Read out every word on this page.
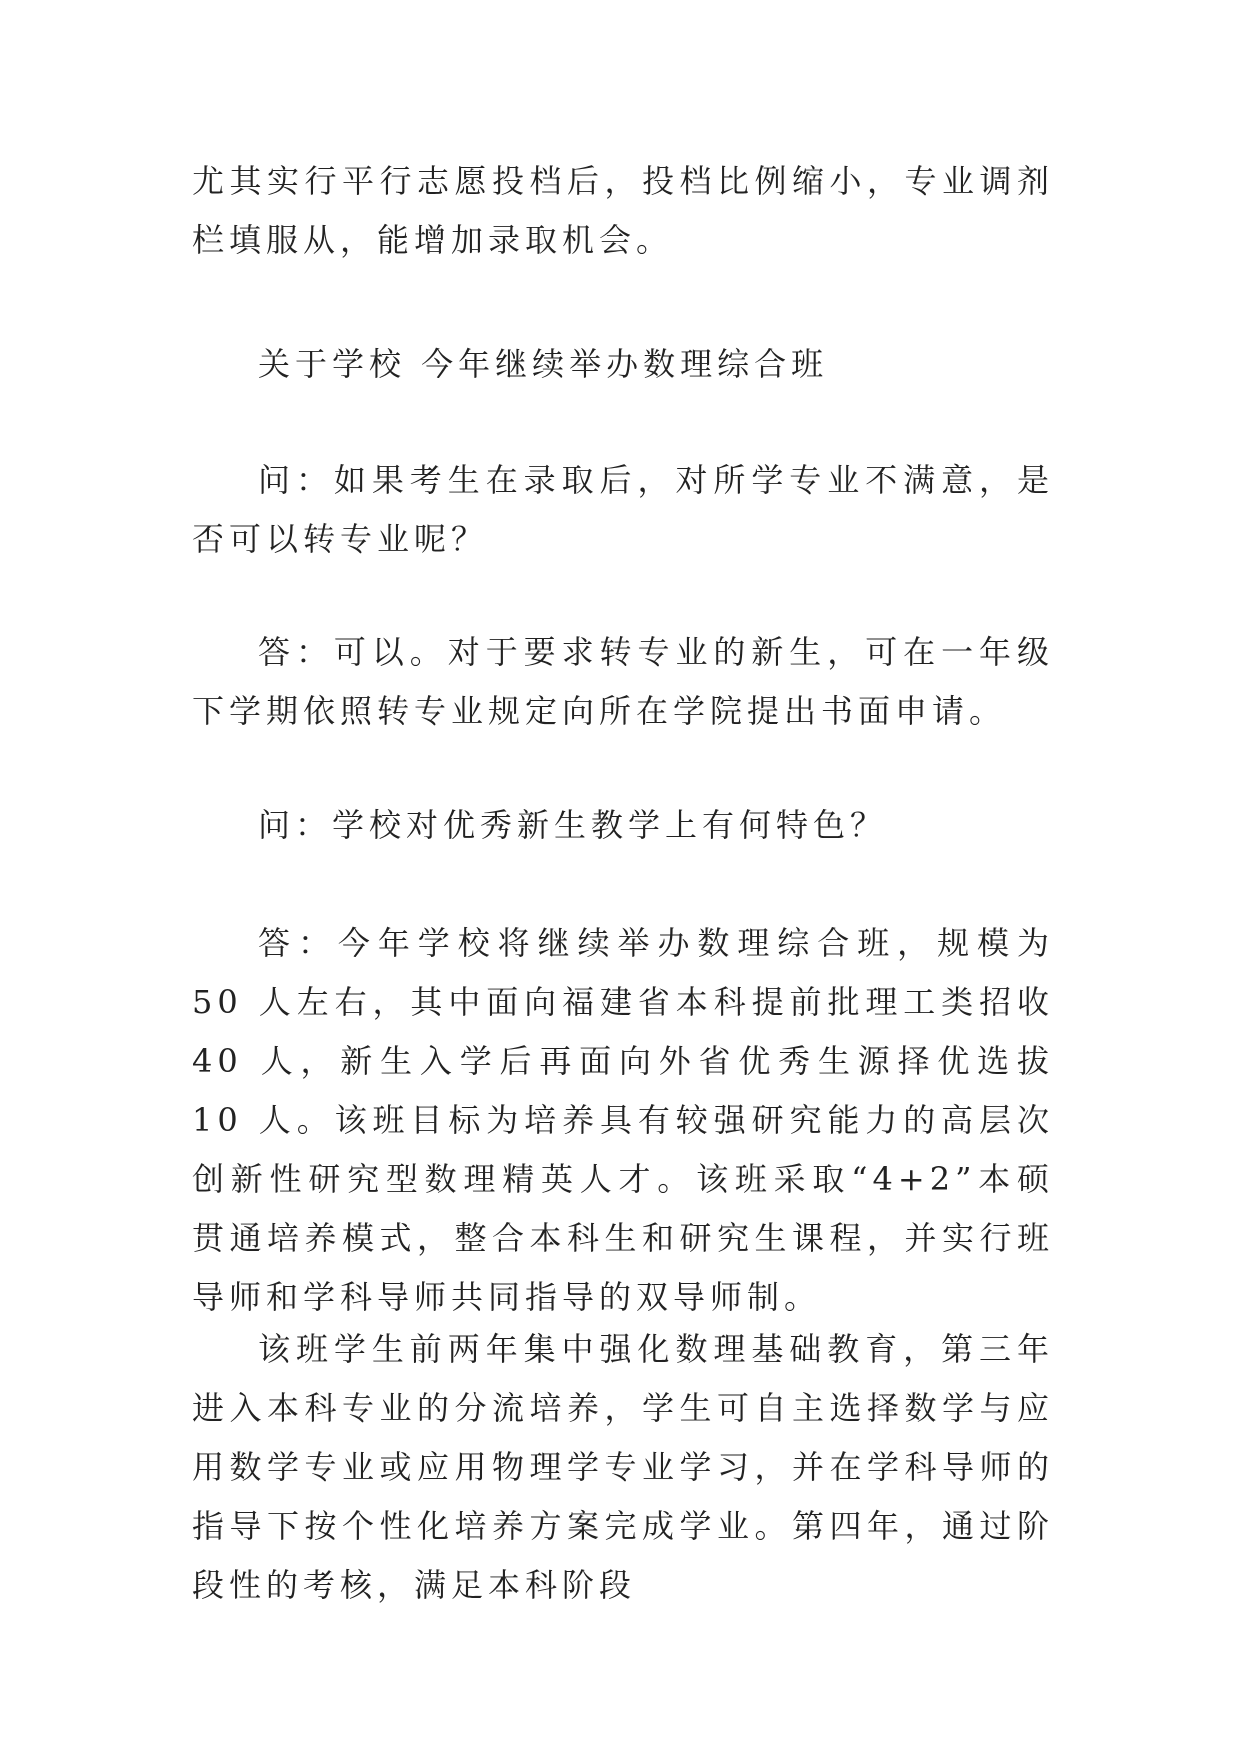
尤其实行平行志愿投档后，投档比例缩小，专业调剂栏填服从，能增加录取机会。

关于学校 今年继续举办数理综合班

问：如果考生在录取后，对所学专业不满意，是否可以转专业呢？

答：可以。对于要求转专业的新生，可在一年级下学期依照转专业规定向所在学院提出书面申请。

问：学校对优秀新生教学上有何特色？

答：今年学校将继续举办数理综合班，规模为 50 人左右，其中面向福建省本科提前批理工类招收 40 人，新生入学后再面向外省优秀生源择优选拔 10 人。该班目标为培养具有较强研究能力的高层次创新性研究型数理精英人才。该班采取“4+2”本硕贯通培养模式，整合本科生和研究生课程，并实行班导师和学科导师共同指导的双导师制。

该班学生前两年集中强化数理基础教育，第三年进入本科专业的分流培养，学生可自主选择数学与应用数学专业或应用物理学专业学习，并在学科导师的指导下按个性化培养方案完成学业。第四年，通过阶段性的考核，满足本科阶段
